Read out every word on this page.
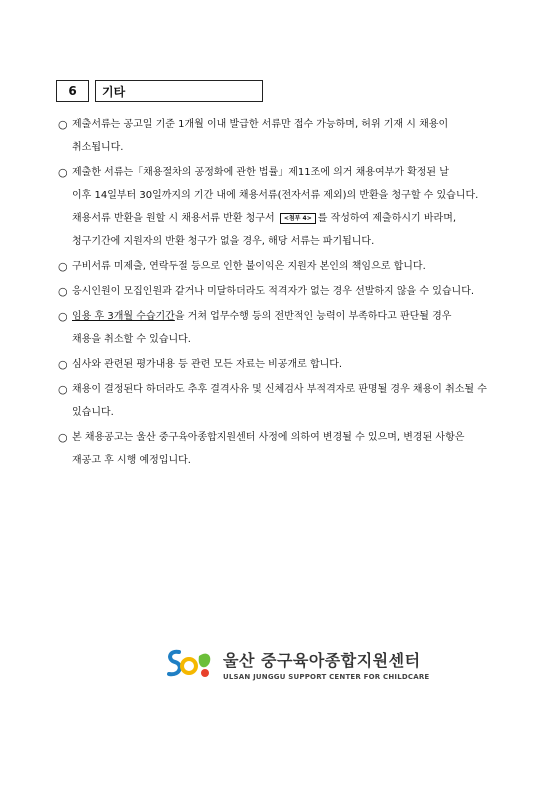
6	기타
○ 제출서류는 공고일 기준 1개월 이내 발급한 서류만 접수 가능하며, 허위 기재 시 채용이
취소됩니다.
○ 제출한 서류는「채용절차의 공정화에 관한 법률」제11조에 의거 채용여부가 확정된 날
이후 14일부터 30일까지의 기간 내에 채용서류(전자서류 제외)의 반환을 청구할 수 있습니다.
채용서류 반환을 원할 시 채용서류 반환 청구서 <첨부 4> 를 작성하여 제출하시기 바라며,
청구기간에 지원자의 반환 청구가 없을 경우, 해당 서류는 파기됩니다.
○ 구비서류 미제출, 연락두절 등으로 인한 불이익은 지원자 본인의 책임으로 합니다.
○ 응시인원이 모집인원과 같거나 미달하더라도 적격자가 없는 경우 선발하지 않을 수 있습니다.
○ 임용 후 3개월 수습기간을 거쳐 업무수행 등의 전반적인 능력이 부족하다고 판단될 경우
채용을 취소할 수 있습니다.
○ 심사와 관련된 평가내용 등 관련 모든 자료는 비공개로 합니다.
○ 채용이 결정된다 하더라도 추후 결격사유 및 신체검사 부적격자로 판명될 경우 채용이 취소될 수
있습니다.
○ 본 채용공고는 울산 중구육아종합지원센터 사정에 의하여 변경될 수 있으며, 변경된 사항은
재공고 후 시행 예정입니다.
울산 중구육아종합지원센터
ULSAN JUNGGU SUPPORT CENTER FOR CHILDCARE
